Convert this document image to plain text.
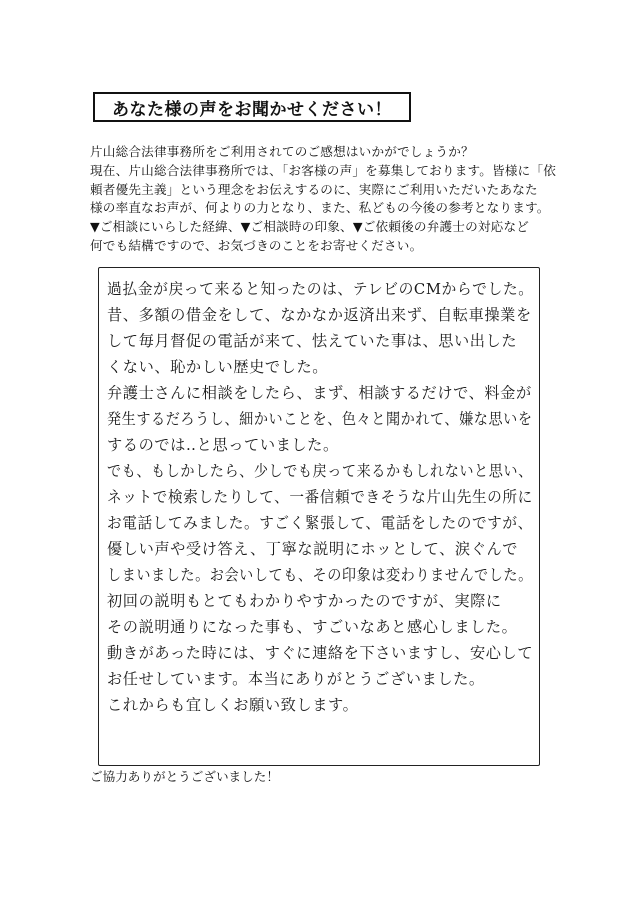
あなた様の声をお聞かせください！

片山総合法律事務所をご利用されてのご感想はいかがでしょうか？

現在、片山総合法律事務所では、「お客様の声」を募集しております。皆様に「依

頼者優先主義」という理念をお伝えするのに、実際にご利用いただいたあなた

様の率直なお声が、何よりの力となり、また、私どもの今後の参考となります。

▼ご相談にいらした経緯、▼ご相談時の印象、▼ご依頼後の弁護士の対応など

何でも結構ですので、お気づきのことをお寄せください。

過払金が戻って来ると知ったのは、テレビのCMからでした。
昔、多額の借金をして、なかなか返済出来ず、自転車操業を
して毎月督促の電話が来て、怯えていた事は、思い出した
くない、恥かしい歴史でした。
弁護士さんに相談をしたら、まず、相談するだけで、料金が
発生するだろうし、細かいことを、色々と聞かれて、嫌な思いを
するのでは‥と思っていました。
でも、もしかしたら、少しでも戻って来るかもしれないと思い、
ネットで検索したりして、一番信頼できそうな片山先生の所に
お電話してみました。すごく緊張して、電話をしたのですが、
優しい声や受け答え、丁寧な説明にホッとして、涙ぐんで
しまいました。お会いしても、その印象は変わりませんでした。
初回の説明もとてもわかりやすかったのですが、実際に
その説明通りになった事も、すごいなあと感心しました。
動きがあった時には、すぐに連絡を下さいますし、安心して
お任せしています。本当にありがとうございました。
これからも宜しくお願い致します。
ご協力ありがとうございました！
